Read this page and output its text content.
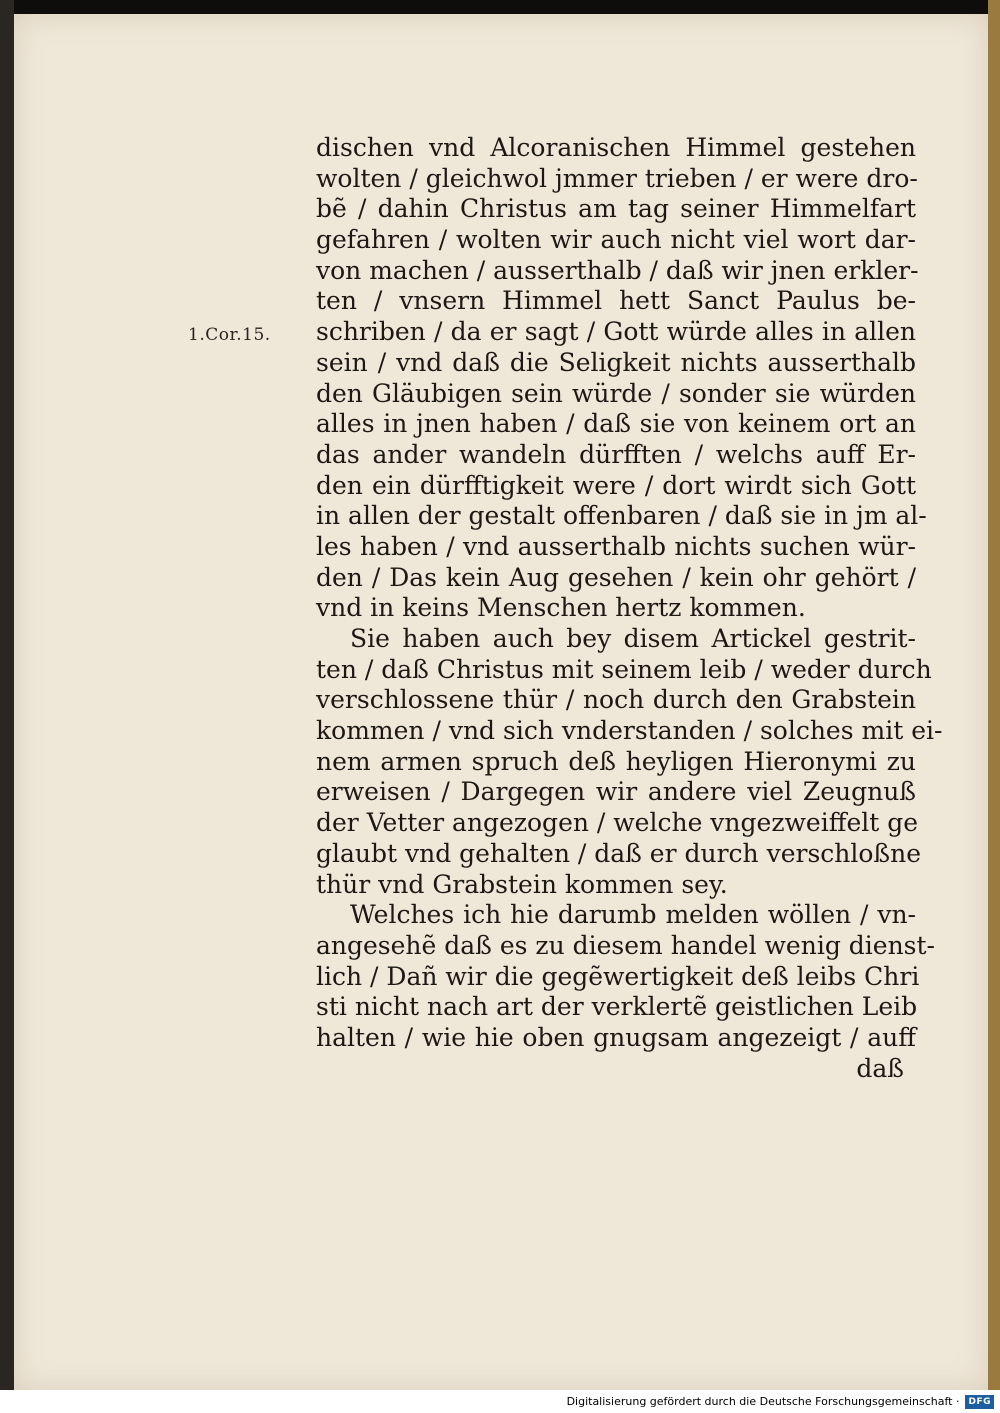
1.Cor.15.
dischen vnd Alcoranischen Himmel gestehen
wolten / gleichwol jmmer trieben / er were dro-
bẽ / dahin Christus am tag seiner Himmelfart
gefahren / wolten wir auch nicht viel wort dar-
von machen / ausserthalb / daß wir jnen erkler-
ten / vnsern Himmel hett Sanct Paulus be-
schriben / da er sagt / Gott würde alles in allen
sein / vnd daß die Seligkeit nichts ausserthalb
den Gläubigen sein würde / sonder sie würden
alles in jnen haben / daß sie von keinem ort an
das ander wandeln dürfften / welchs auff Er-
den ein dürfftigkeit were / dort wirdt sich Gott
in allen der gestalt offenbaren / daß sie in jm al-
les haben / vnd ausserthalb nichts suchen wür-
den / Das kein Aug gesehen / kein ohr gehört /
vnd in keins Menschen hertz kommen.
Sie haben auch bey disem Artickel gestrit-
ten / daß Christus mit seinem leib / weder durch
verschlossene thür / noch durch den Grabstein
kommen / vnd sich vnderstanden / solches mit ei-
nem armen spruch deß heyligen Hieronymi zu
erweisen / Dargegen wir andere viel Zeugnuß
der Vetter angezogen / welche vngezweiffelt ge
glaubt vnd gehalten / daß er durch verschloßne
thür vnd Grabstein kommen sey.
Welches ich hie darumb melden wöllen / vn-
angesehẽ daß es zu diesem handel wenig dienst-
lich / Dañ wir die gegẽwertigkeit deß leibs Chri
sti nicht nach art der verklertẽ geistlichen Leib
halten / wie hie oben gnugsam angezeigt / auff
daß
Digitalisierung gefördert durch die Deutsche Forschungsgemeinschaft ·	DFG
